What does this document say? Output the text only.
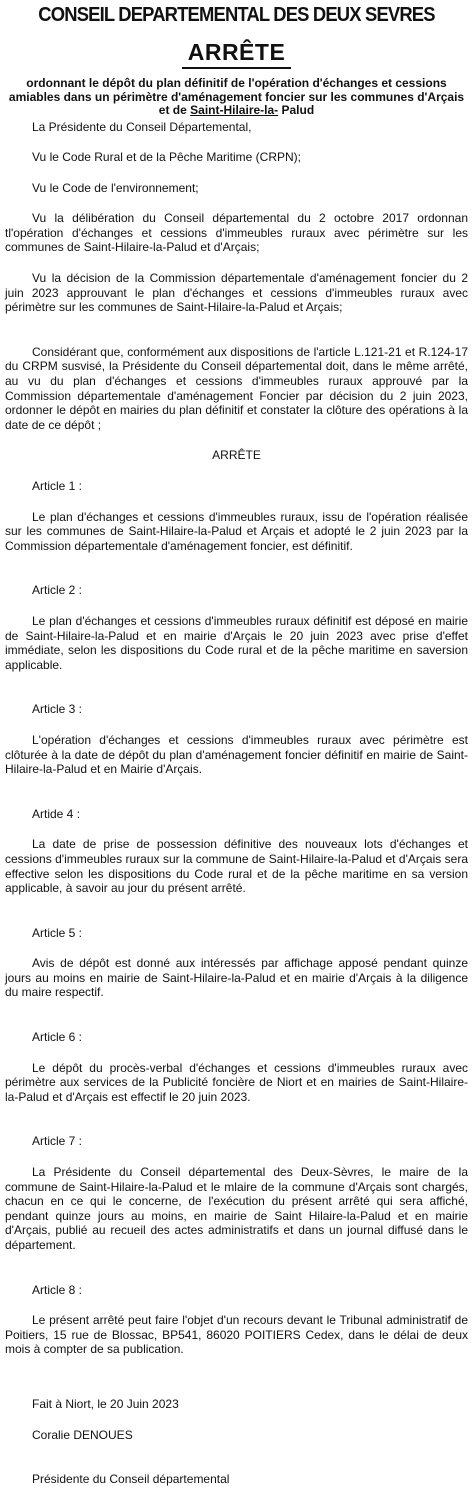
CONSEIL DEPARTEMENTAL DES DEUX SEVRES
ARRÊTE
ordonnant le dépôt du plan définitif de l'opération d'échanges et cessions
amiables dans un périmètre d'aménagement foncier sur les communes d'Arçais
et de Saint-Hilaire-la- Palud

La Présidente du Conseil Départemental,

Vu le Code Rural et de la Pêche Maritime (CRPN);

Vu le Code de l'environnement;

Vu la délibération du Conseil départemental du 2 octobre 2017 ordonnan tl'opération d'échanges et cessions d'immeubles ruraux avec périmètre sur les communes de Saint-Hilaire-la-Palud et d'Arçais;

Vu la décision de la Commission départementale d'aménagement foncier du 2 juin 2023 approuvant le plan d'échanges et cessions d'immeubles ruraux avec périmètre sur les communes de Saint-Hilaire-la-Palud et Arçais;

Considérant que, conformément aux dispositions de l'article L.121-21 et R.124-17 du CRPM susvisé, la Présidente du Conseil départemental doit, dans le même arrêté, au vu du plan d'échanges et cessions d'immeubles ruraux approuvé par la Commission départementale d'aménagement Foncier par décision du 2 juin 2023, ordonner le dépôt en mairies du plan définitif et constater la clôture des opérations à la date de ce dépôt ;

ARRÊTE

Article 1 :

Le plan d'échanges et cessions d'immeubles ruraux, issu de l'opération réalisée sur les communes de Saint-Hilaire-la-Palud et Arçais et adopté le 2 juin 2023 par la Commission départementale d'aménagement foncier, est définitif.

Article 2 :

Le plan d'échanges et cessions d'immeubles ruraux définitif est déposé en mairie de Saint-Hilaire-la-Palud et en mairie d'Arçais le 20 juin 2023 avec prise d'effet immédiate, selon les dispositions du Code rural et de la pêche maritime en saversion applicable.

Article 3 :

L'opération d'échanges et cessions d'immeubles ruraux avec périmètre est clôturée à la date de dépôt du plan d'aménagement foncier définitif en mairie de Saint-Hilaire-la-Palud et en Mairie d'Arçais.

Artide 4 :

La date de prise de possession définitive des nouveaux lots d'échanges et cessions d'immeubles ruraux sur la commune de Saint-Hilaire-la-Palud et d'Arçais sera effective selon les dispositions du Code rural et de la pêche maritime en sa version applicable, à savoir au jour du présent arrêté.

Article 5 :

Avis de dépôt est donné aux intéressés par affichage apposé pendant quinze jours au moins en mairie de Saint-Hilaire-la-Palud et en mairie d'Arçais à la diligence du maire respectif.

Article 6 :

Le dépôt du procès-verbal d'échanges et cessions d'immeubles ruraux avec périmètre aux services de la Publicité foncière de Niort et en mairies de Saint-Hilaire-la-Palud et d'Arçais est effectif le 20 juin 2023.

Article 7 :

La Présidente du Conseil départemental des Deux-Sèvres, le maire de la commune de Saint-Hilaire-la-Palud et le mlaire de la commune d'Arçais sont chargés, chacun en ce qui le concerne, de l'exécution du présent arrêté qui sera affiché, pendant quinze jours au moins, en mairie de Saint Hilaire-la-Palud et en mairie d'Arçais, publié au recueil des actes administratifs et dans un journal diffusé dans le département.

Article 8 :

Le présent arrêté peut faire l'objet d'un recours devant le Tribunal administratif de Poitiers, 15 rue de Blossac, BP541, 86020 POITIERS Cedex, dans le délai de deux mois à compter de sa publication.

Fait à Niort, le 20 Juin 2023
Coralie DENOUES
Présidente du Conseil départemental
